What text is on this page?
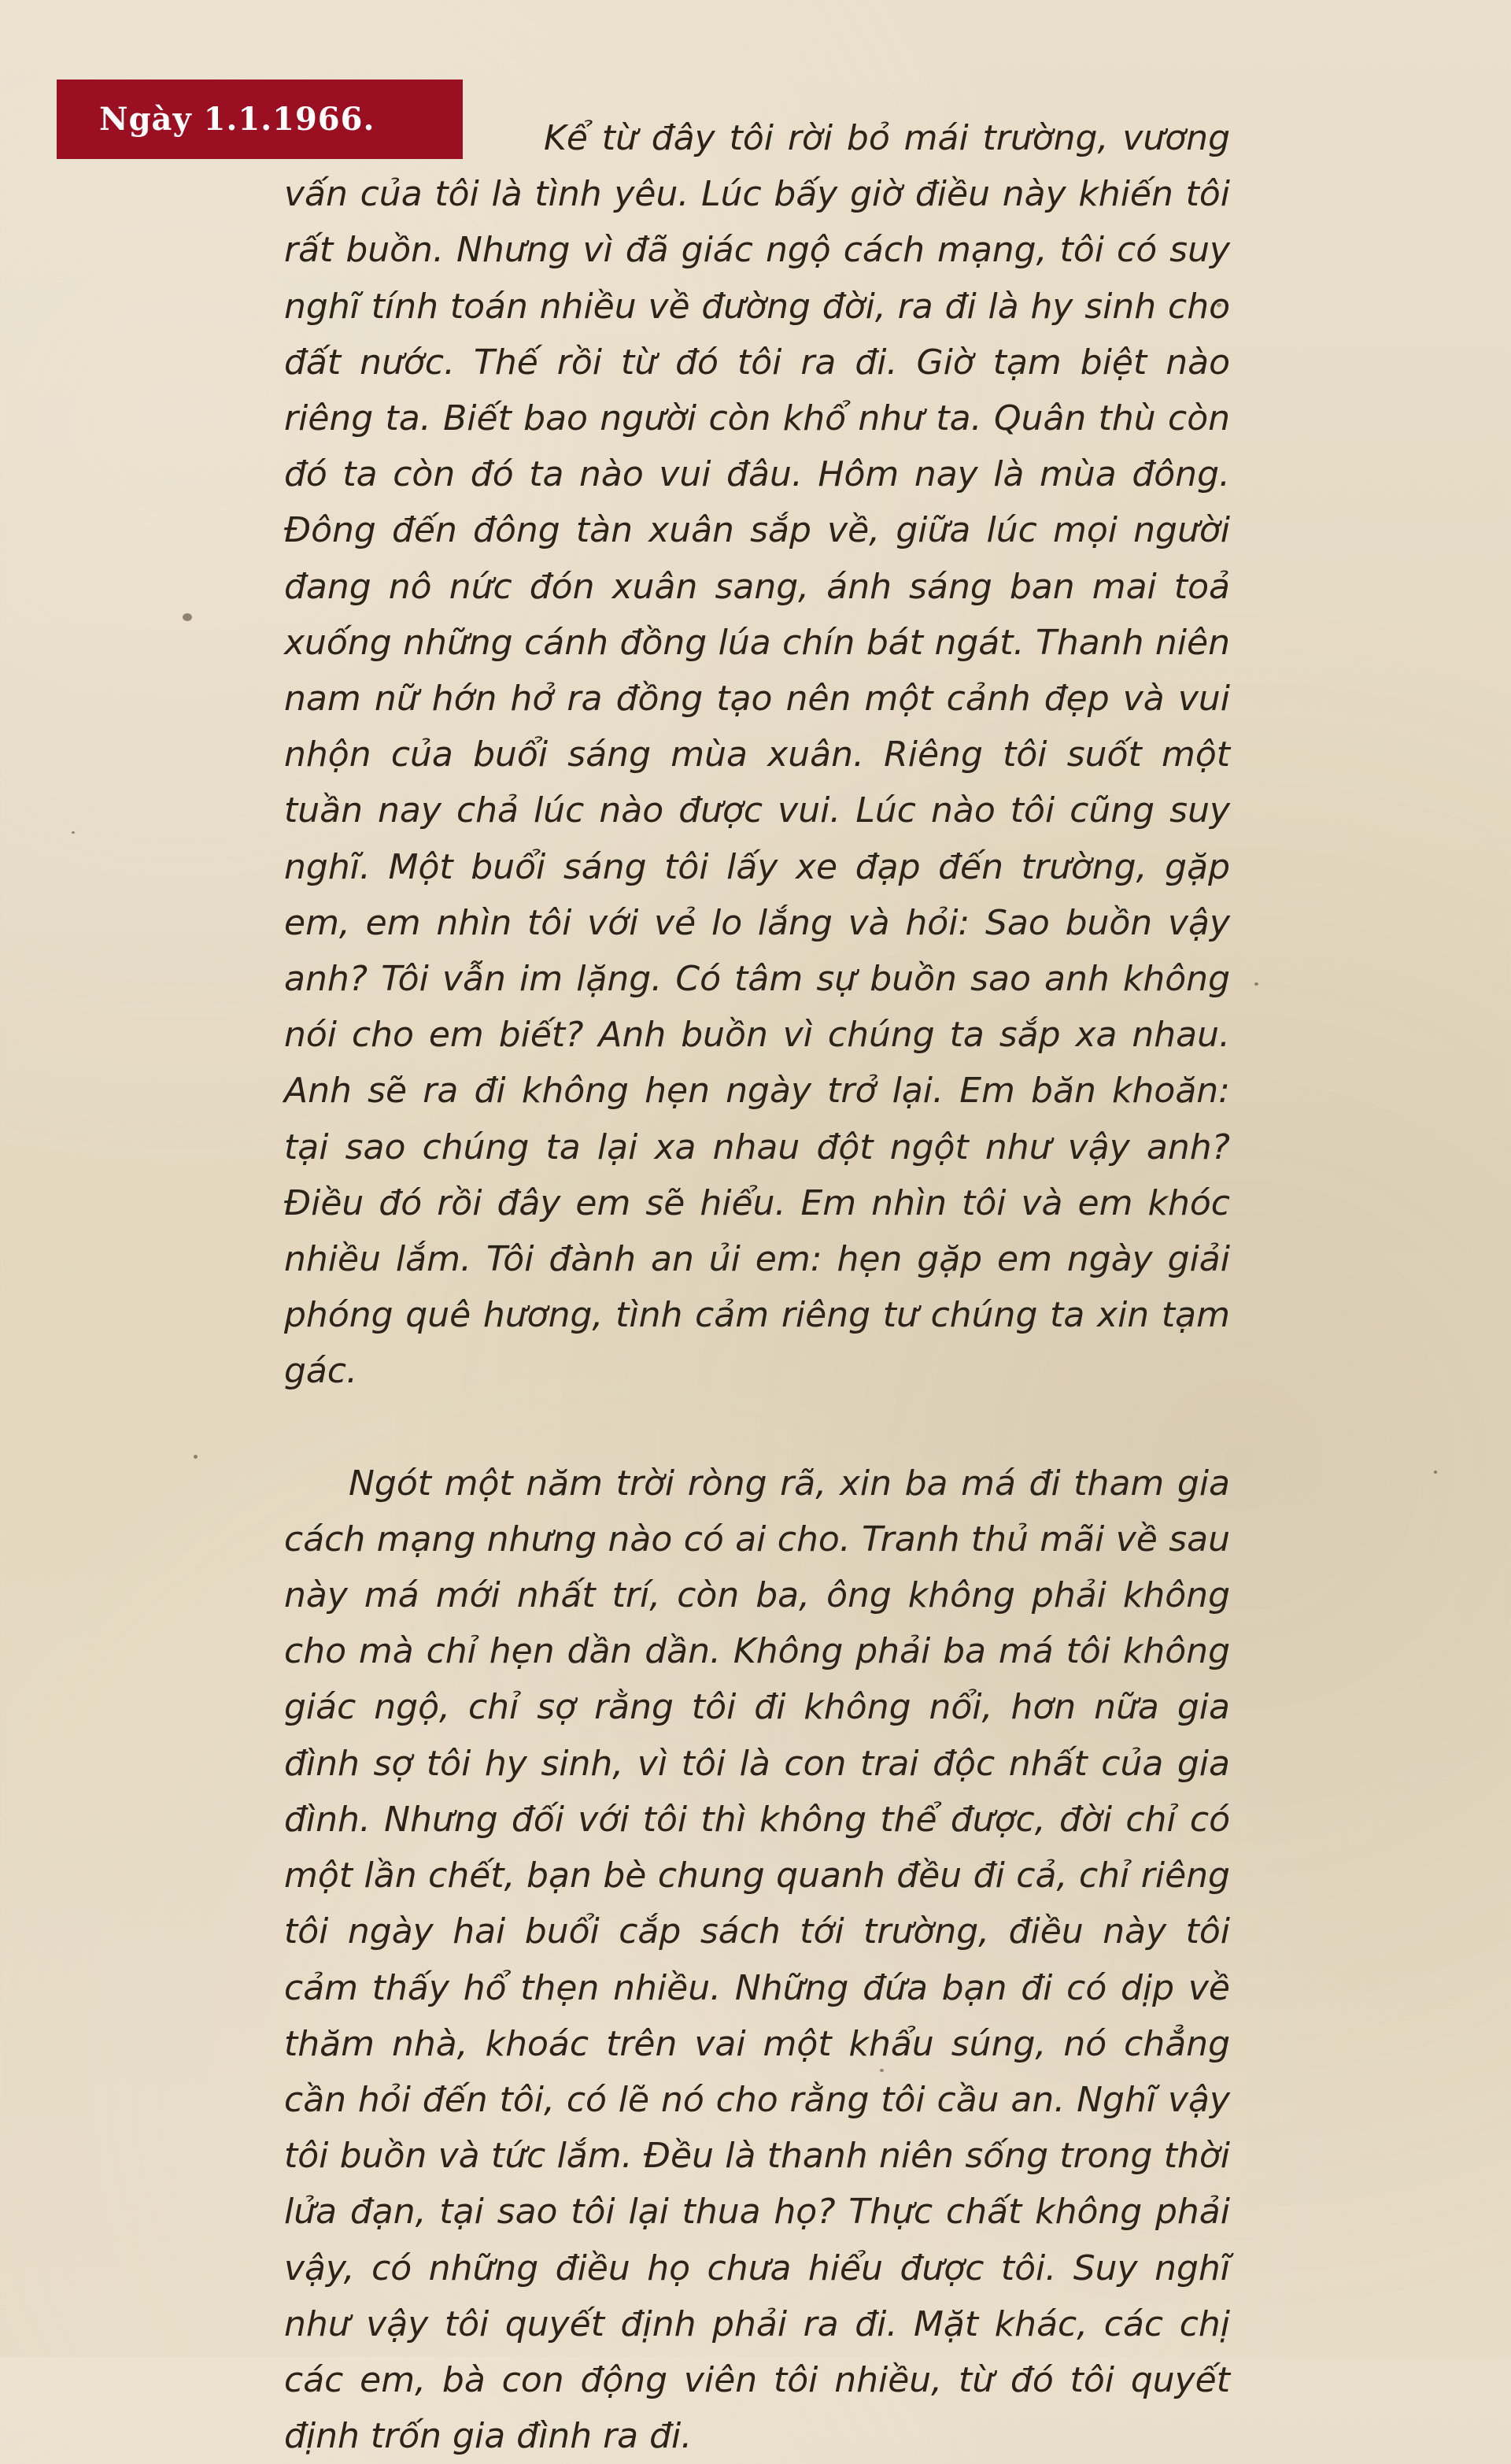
Ngày 1.1.1966.	Kể từ đây tôi rời bỏ mái trường, vương vấn của tôi là tình yêu. Lúc bấy giờ điều này khiến tôi rất buồn. Nhưng vì đã giác ngộ cách mạng, tôi có suy nghĩ tính toán nhiều về đường đời, ra đi là hy sinh cho đất nước. Thế rồi từ đó tôi ra đi. Giờ tạm biệt nào riêng ta. Biết bao người còn khổ như ta. Quân thù còn đó ta còn đó ta nào vui đâu. Hôm nay là mùa đông. Đông đến đông tàn xuân sắp về, giữa lúc mọi người đang nô nức đón xuân sang, ánh sáng ban mai toả xuống những cánh đồng lúa chín bát ngát. Thanh niên nam nữ hớn hở ra đồng tạo nên một cảnh đẹp và vui nhộn của buổi sáng mùa xuân. Riêng tôi suốt một tuần nay chả lúc nào được vui. Lúc nào tôi cũng suy nghĩ. Một buổi sáng tôi lấy xe đạp đến trường, gặp em, em nhìn tôi với vẻ lo lắng và hỏi: Sao buồn vậy anh? Tôi vẫn im lặng. Có tâm sự buồn sao anh không nói cho em biết? Anh buồn vì chúng ta sắp xa nhau. Anh sẽ ra đi không hẹn ngày trở lại. Em băn khoăn: tại sao chúng ta lại xa nhau đột ngột như vậy anh? Điều đó rồi đây em sẽ hiểu. Em nhìn tôi và em khóc nhiều lắm. Tôi đành an ủi em: hẹn gặp em ngày giải phóng quê hương, tình cảm riêng tư chúng ta xin tạm gác.

Ngót một năm trời ròng rã, xin ba má đi tham gia cách mạng nhưng nào có ai cho. Tranh thủ mãi về sau này má mới nhất trí, còn ba, ông không phải không cho mà chỉ hẹn dần dần. Không phải ba má tôi không giác ngộ, chỉ sợ rằng tôi đi không nổi, hơn nữa gia đình sợ tôi hy sinh, vì tôi là con trai độc nhất của gia đình. Nhưng đối với tôi thì không thể được, đời chỉ có một lần chết, bạn bè chung quanh đều đi cả, chỉ riêng tôi ngày hai buổi cắp sách tới trường, điều này tôi cảm thấy hổ thẹn nhiều. Những đứa bạn đi có dịp về thăm nhà, khoác trên vai một khẩu súng, nó chẳng cần hỏi đến tôi, có lẽ nó cho rằng tôi cầu an. Nghĩ vậy tôi buồn và tức lắm. Đều là thanh niên sống trong thời lửa đạn, tại sao tôi lại thua họ? Thực chất không phải vậy, có những điều họ chưa hiểu được tôi. Suy nghĩ như vậy tôi quyết định phải ra đi. Mặt khác, các chị các em, bà con động viên tôi nhiều, từ đó tôi quyết định trốn gia đình ra đi.
